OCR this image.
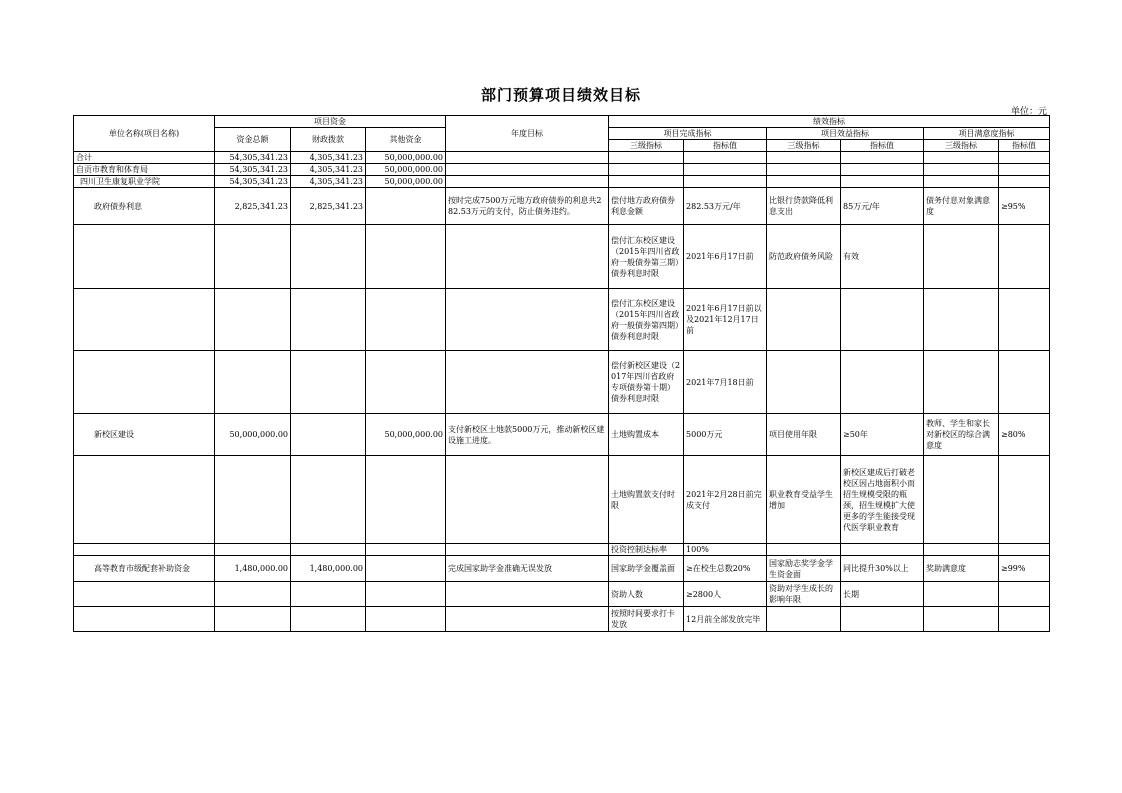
部门预算项目绩效目标
单位：元
单位名称(项目名称)	项目资金			年度目标	绩效指标					
	资金总额	财政拨款	其他资金		项目完成指标		项目效益指标		项目满意度指标	
					三级指标	指标值	三级指标	指标值	三级指标	指标值
合计	54,305,341.23	4,305,341.23	50,000,000.00							
自贡市教育和体育局	54,305,341.23	4,305,341.23	50,000,000.00							
四川卫生康复职业学院	54,305,341.23	4,305,341.23	50,000,000.00							
政府债券利息	2,825,341.23	2,825,341.23		按时完成7500万元地方政府债券的利息共282.53万元的支付，防止债务违约。	偿付地方政府债券利息金额	282.53万元/年	比银行贷款降低利息支出	85万元/年	债务付息对象满意度	≥95%
					偿付汇东校区建设（2015年四川省政府一般债券第三期）债券利息时限	2021年6月17日前	防范政府债务风险	有效		
					偿付汇东校区建设（2015年四川省政府一般债券第四期）债券利息时限	2021年6月17日前以及2021年12月17日前				
					偿付新校区建设（2017年四川省政府专项债券第十期）债券利息时限	2021年7月18日前				
新校区建设	50,000,000.00		50,000,000.00	支付新校区土地款5000万元，推动新校区建设施工进度。	土地购置成本	5000万元	项目使用年限	≥50年	教师、学生和家长对新校区的综合满意度	≥80%
					土地购置款支付时限	2021年2月28日前完成支付	职业教育受益学生增加	新校区建成后打破老校区因占地面积小而招生规模受限的瓶颈，招生规模扩大使更多的学生能接受现代医学职业教育		
					投资控制达标率	100%				
高等教育市级配套补助资金	1,480,000.00	1,480,000.00		完成国家助学金准确无误发放	国家助学金覆盖面	≥在校生总数20%	国家励志奖学金学生资金面	同比提升30%以上	奖助满意度	≥99%
					资助人数	≥2800人	资助对学生成长的影响年限	长期		
					按照时间要求打卡发放	12月前全部发放完毕				
